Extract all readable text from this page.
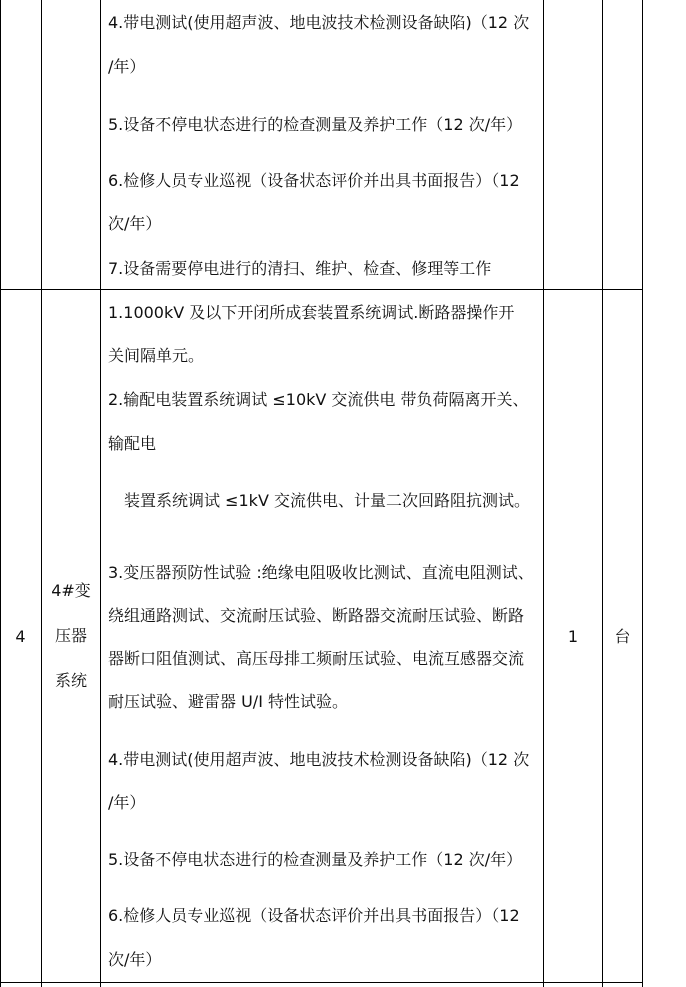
4.带电测试(使用超声波、地电波技术检测设备缺陷)（12 次
/年）
5.设备不停电状态进行的检查测量及养护工作（12 次/年）
6.检修人员专业巡视（设备状态评价并出具书面报告）（12
次/年）
7.设备需要停电进行的清扫、维护、检查、修理等工作
4
4#变
压器
系统
1	台
1.1000kV 及以下开闭所成套装置系统调试.断路器操作开
关间隔单元。
2.输配电装置系统调试 ≤10kV 交流供电 带负荷隔离开关、
输配电
装置系统调试 ≤1kV 交流供电、计量二次回路阻抗测试。
3.变压器预防性试验 :绝缘电阻吸收比测试、直流电阻测试、
绕组通路测试、交流耐压试验、断路器交流耐压试验、断路
器断口阻值测试、高压母排工频耐压试验、电流互感器交流
耐压试验、避雷器 U/I 特性试验。
4.带电测试(使用超声波、地电波技术检测设备缺陷)（12 次
/年）
5.设备不停电状态进行的检查测量及养护工作（12 次/年）
6.检修人员专业巡视（设备状态评价并出具书面报告）（12
次/年）
